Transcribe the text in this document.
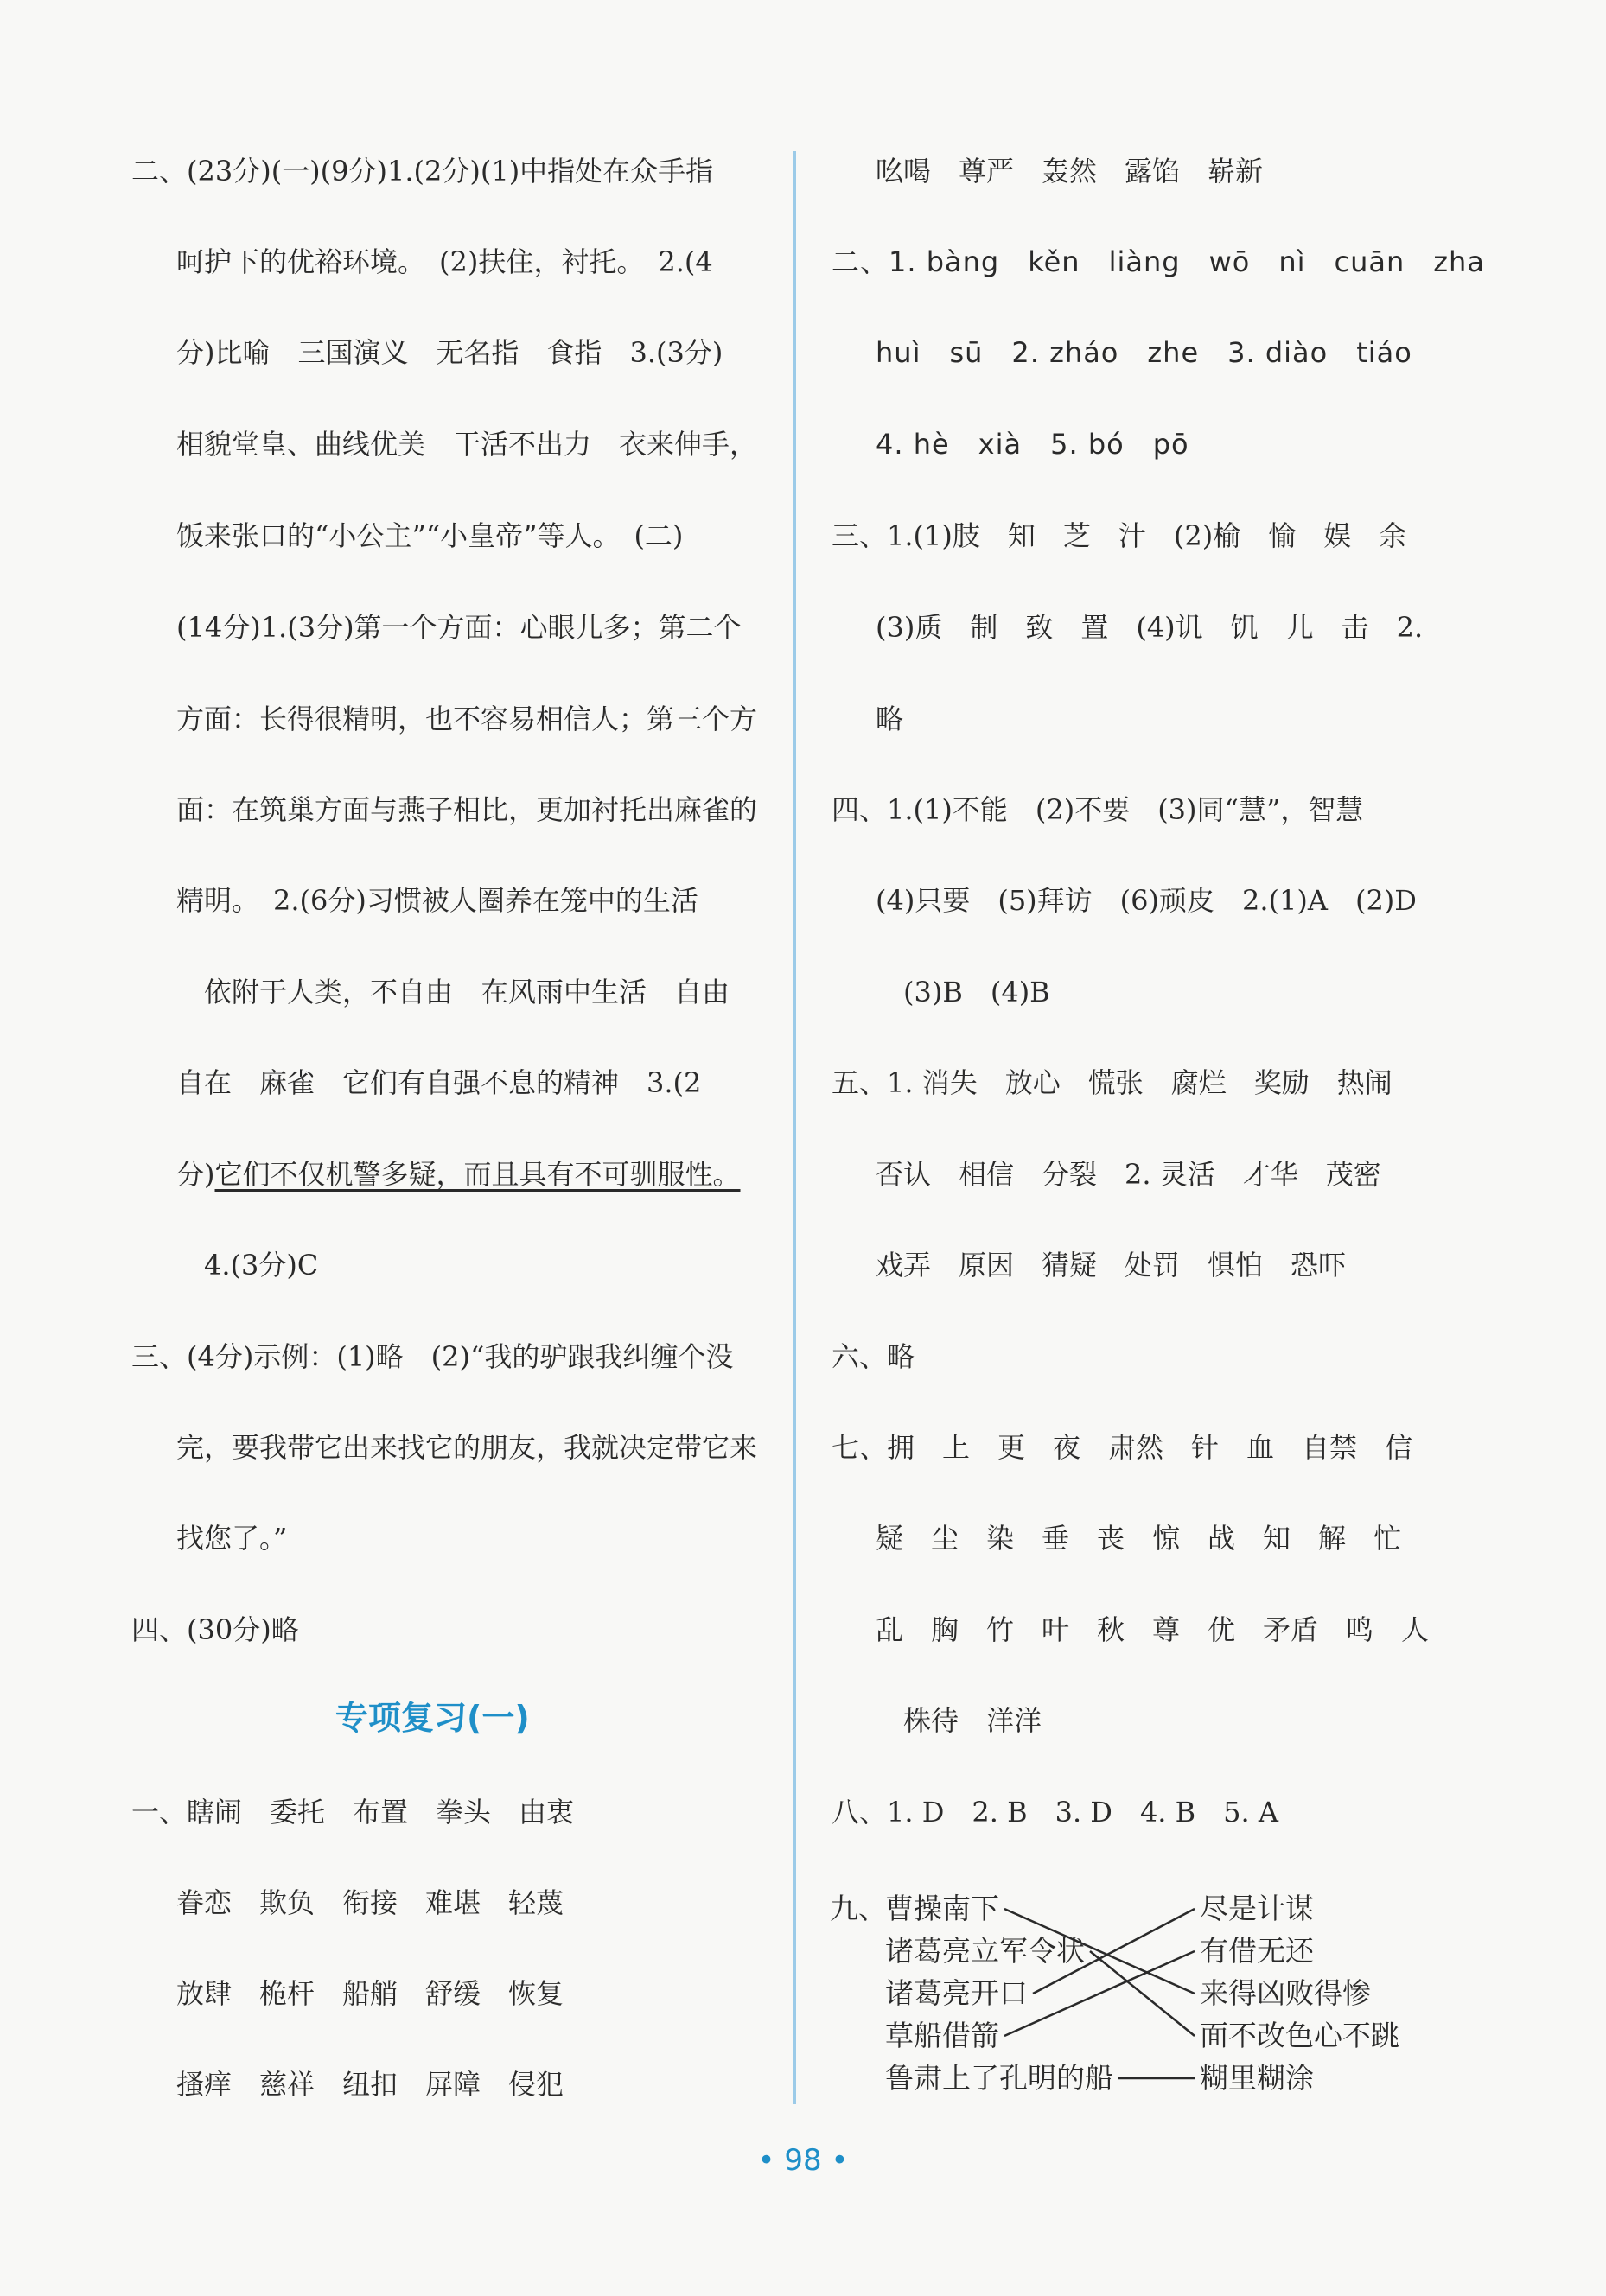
二、(23分)(一)(9分)1.(2分)(1)中指处在众手指
呵护下的优裕环境。　(2)扶住，衬托。　2.(4
分)比喻　三国演义　无名指　食指　3.(3分)
相貌堂皇、曲线优美　干活不出力　衣来伸手，
饭来张口的“小公主”“小皇帝”等人。　(二)
(14分)1.(3分)第一个方面：心眼儿多；第二个
方面：长得很精明，也不容易相信人；第三个方
面：在筑巢方面与燕子相比，更加衬托出麻雀的
精明。　2.(6分)习惯被人圈养在笼中的生活
依附于人类，不自由　在风雨中生活　自由
自在　麻雀　它们有自强不息的精神　3.(2
分)它们不仅机警多疑，而且具有不可驯服性。
4.(3分)C
三、(4分)示例：(1)略　(2)“我的驴跟我纠缠个没
完，要我带它出来找它的朋友，我就决定带它来
找您了。”
四、(30分)略
专项复习(一)
一、瞎闹　委托　布置　拳头　由衷
眷恋　欺负　衔接　难堪　轻蔑
放肆　桅杆　船艄　舒缓　恢复
搔痒　慈祥　纽扣　屏障　侵犯
吆喝　尊严　轰然　露馅　崭新
二、1. bàng　kěn　liàng　wō　nì　cuān　zha
huì　sū　2. zháo　zhe　3. diào　tiáo
4. hè　xià　5. bó　pō
三、1.(1)肢　知　芝　汁　(2)榆　愉　娱　余
(3)质　制　致　置　(4)讥　饥　儿　击　2.
略
四、1.(1)不能　(2)不要　(3)同“慧”，智慧
(4)只要　(5)拜访　(6)顽皮　2.(1)A　(2)D
(3)B　(4)B
五、1. 消失　放心　慌张　腐烂　奖励　热闹
否认　相信　分裂　2. 灵活　才华　茂密
戏弄　原因　猜疑　处罚　惧怕　恐吓
六、略
七、拥　上　更　夜　肃然　针　血　自禁　信
疑　尘　染　垂　丧　惊　战　知　解　忙
乱　胸　竹　叶　秋　尊　优　矛盾　鸣　人
株待　洋洋
八、1. D　2. B　3. D　4. B　5. A
九、
曹操南下
诸葛亮立军令状
诸葛亮开口
草船借箭
鲁肃上了孔明的船
尽是计谋
有借无还
来得凶败得惨
面不改色心不跳
糊里糊涂
• 98 •
